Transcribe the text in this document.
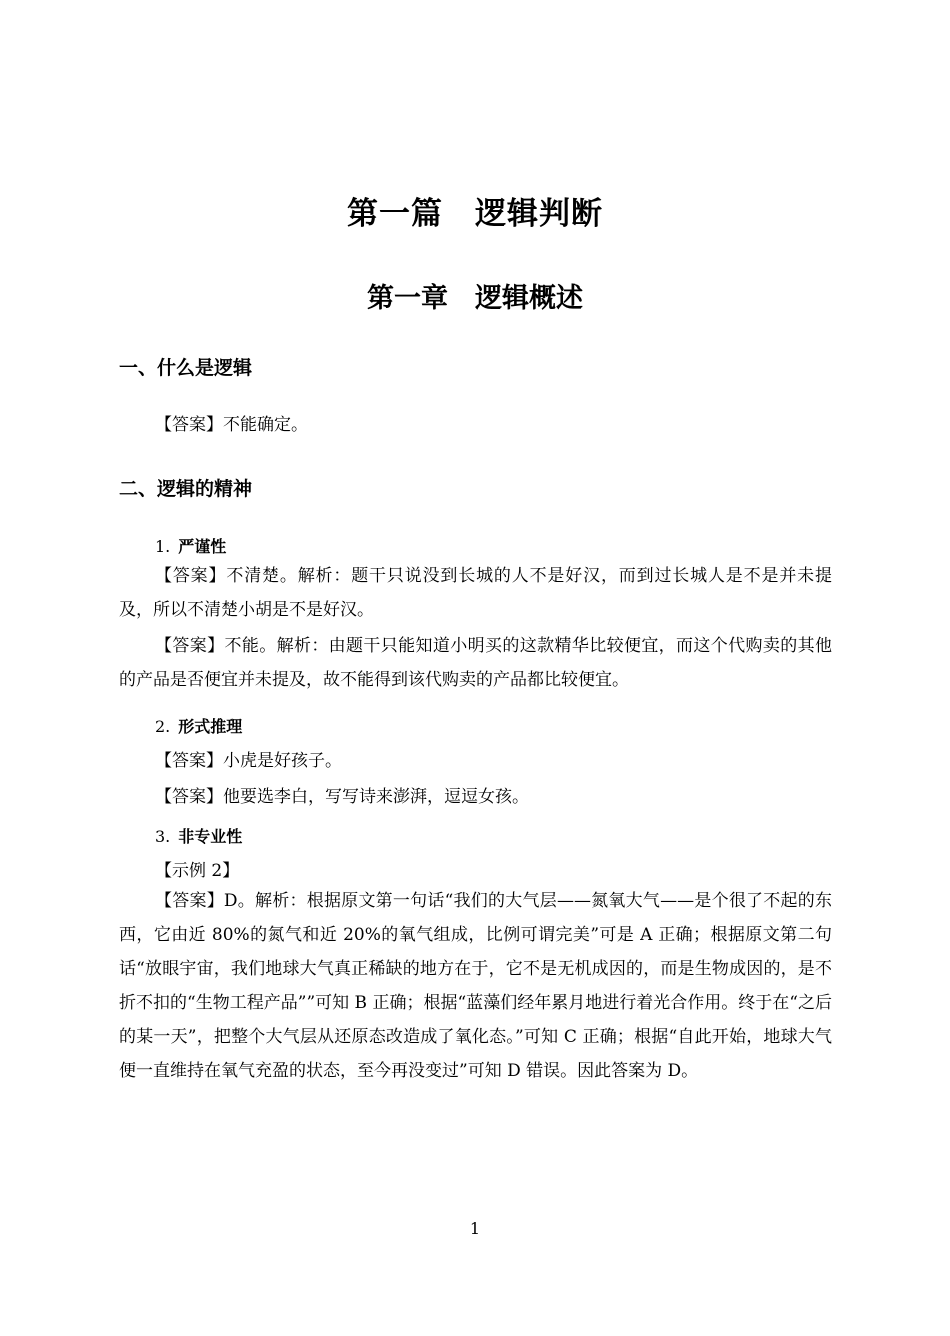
第一篇　逻辑判断
第一章　逻辑概述
一、什么是逻辑
【答案】不能确定。
二、逻辑的精神
1. 严谨性
【答案】不清楚。解析：题干只说没到长城的人不是好汉，而到过长城人是不是并未提及，所以不清楚小胡是不是好汉。
【答案】不能。解析：由题干只能知道小明买的这款精华比较便宜，而这个代购卖的其他的产品是否便宜并未提及，故不能得到该代购卖的产品都比较便宜。
2. 形式推理
【答案】小虎是好孩子。
【答案】他要选李白，写写诗来澎湃，逗逗女孩。
3. 非专业性
【示例 2】
【答案】D。解析：根据原文第一句话“我们的大气层——氮氧大气——是个很了不起的东西，它由近 80%的氮气和近 20%的氧气组成，比例可谓完美”可是 A 正确；根据原文第二句话“放眼宇宙，我们地球大气真正稀缺的地方在于，它不是无机成因的，而是生物成因的，是不折不扣的“生物工程产品””可知 B 正确；根据“蓝藻们经年累月地进行着光合作用。终于在“之后的某一天”，把整个大气层从还原态改造成了氧化态。”可知 C 正确；根据“自此开始，地球大气便一直维持在氧气充盈的状态，至今再没变过”可知 D 错误。因此答案为 D。
1
